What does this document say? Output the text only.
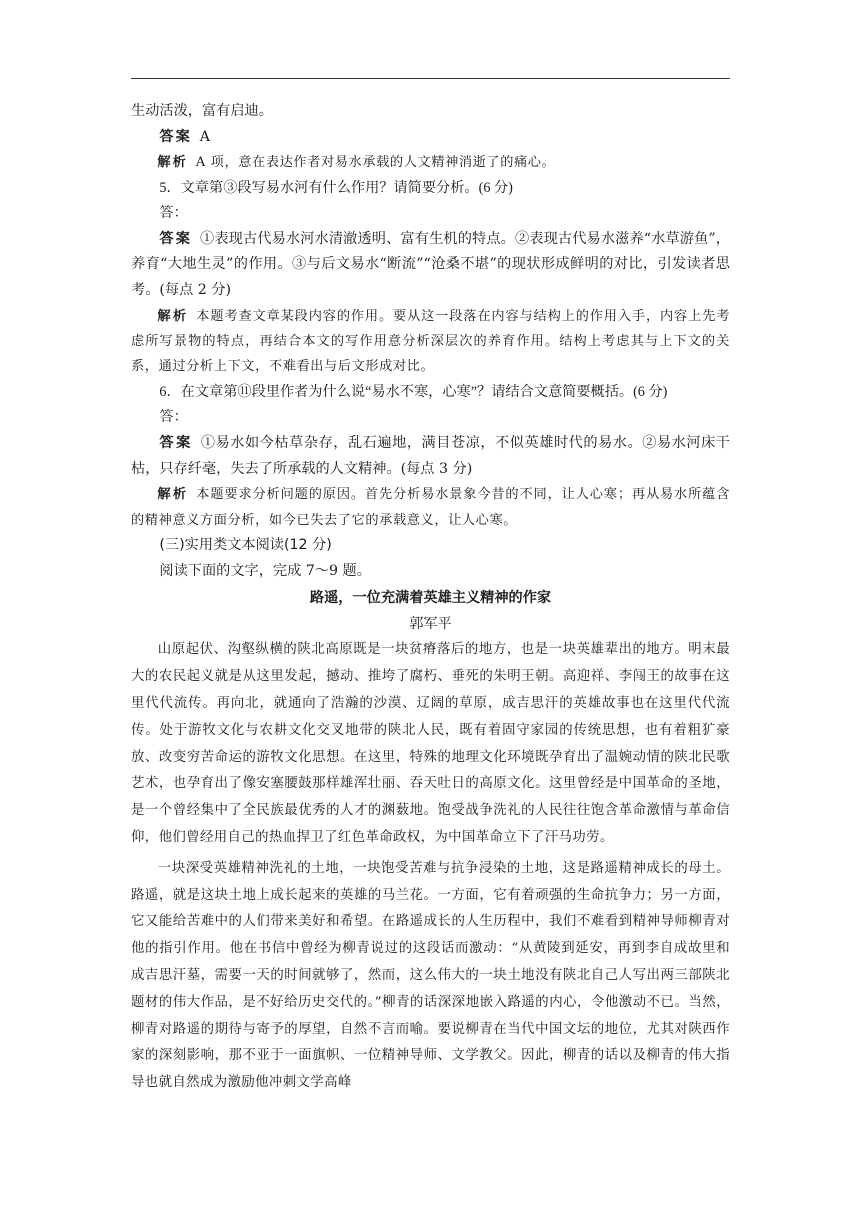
生动活泼，富有启迪。

答案 A

解析 A 项，意在表达作者对易水承载的人文精神消逝了的痛心。

5．文章第③段写易水河有什么作用？请简要分析。(6 分)

答：

答案 ①表现古代易水河水清澈透明、富有生机的特点。②表现古代易水滋养“水草游鱼”，养育“大地生灵”的作用。③与后文易水“断流”“沧桑不堪”的现状形成鲜明的对比，引发读者思考。(每点 2 分)

解析 本题考查文章某段内容的作用。要从这一段落在内容与结构上的作用入手，内容上先考虑所写景物的特点，再结合本文的写作用意分析深层次的养育作用。结构上考虑其与上下文的关系，通过分析上下文，不难看出与后文形成对比。

6．在文章第⑪段里作者为什么说“易水不寒，心寒”？请结合文意简要概括。(6 分)

答：

答案 ①易水如今枯草杂存，乱石遍地，满目苍凉，不似英雄时代的易水。②易水河床干枯，只存纤毫，失去了所承载的人文精神。(每点 3 分)

解析 本题要求分析问题的原因。首先分析易水景象今昔的不同，让人心寒；再从易水所蕴含的精神意义方面分析，如今已失去了它的承载意义，让人心寒。

(三)实用类文本阅读(12 分)

阅读下面的文字，完成 7～9 题。

路遥，一位充满着英雄主义精神的作家

郭军平

山原起伏、沟壑纵横的陕北高原既是一块贫瘠落后的地方，也是一块英雄辈出的地方。明末最大的农民起义就是从这里发起，撼动、推垮了腐朽、垂死的朱明王朝。高迎祥、李闯王的故事在这里代代流传。再向北，就通向了浩瀚的沙漠、辽阔的草原，成吉思汗的英雄故事也在这里代代流传。处于游牧文化与农耕文化交叉地带的陕北人民，既有着固守家园的传统思想，也有着粗犷豪放、改变穷苦命运的游牧文化思想。在这里，特殊的地理文化环境既孕育出了温婉动情的陕北民歌艺术，也孕育出了像安塞腰鼓那样雄浑壮丽、吞天吐日的高原文化。这里曾经是中国革命的圣地，是一个曾经集中了全民族最优秀的人才的渊薮地。饱受战争洗礼的人民往往饱含革命激情与革命信仰，他们曾经用自己的热血捍卫了红色革命政权，为中国革命立下了汗马功劳。

一块深受英雄精神洗礼的土地，一块饱受苦难与抗争浸染的土地，这是路遥精神成长的母土。路遥，就是这块土地上成长起来的英雄的马兰花。一方面，它有着顽强的生命抗争力；另一方面，它又能给苦难中的人们带来美好和希望。在路遥成长的人生历程中，我们不难看到精神导师柳青对他的指引作用。他在书信中曾经为柳青说过的这段话而激动：“从黄陵到延安，再到李自成故里和成吉思汗墓，需要一天的时间就够了，然而，这么伟大的一块土地没有陕北自己人写出两三部陕北题材的伟大作品，是不好给历史交代的。”柳青的话深深地嵌入路遥的内心，令他激动不已。当然，柳青对路遥的期待与寄予的厚望，自然不言而喻。要说柳青在当代中国文坛的地位，尤其对陕西作家的深刻影响，那不亚于一面旗帜、一位精神导师、文学教父。因此，柳青的话以及柳青的伟大指导也就自然成为激励他冲刺文学高峰
